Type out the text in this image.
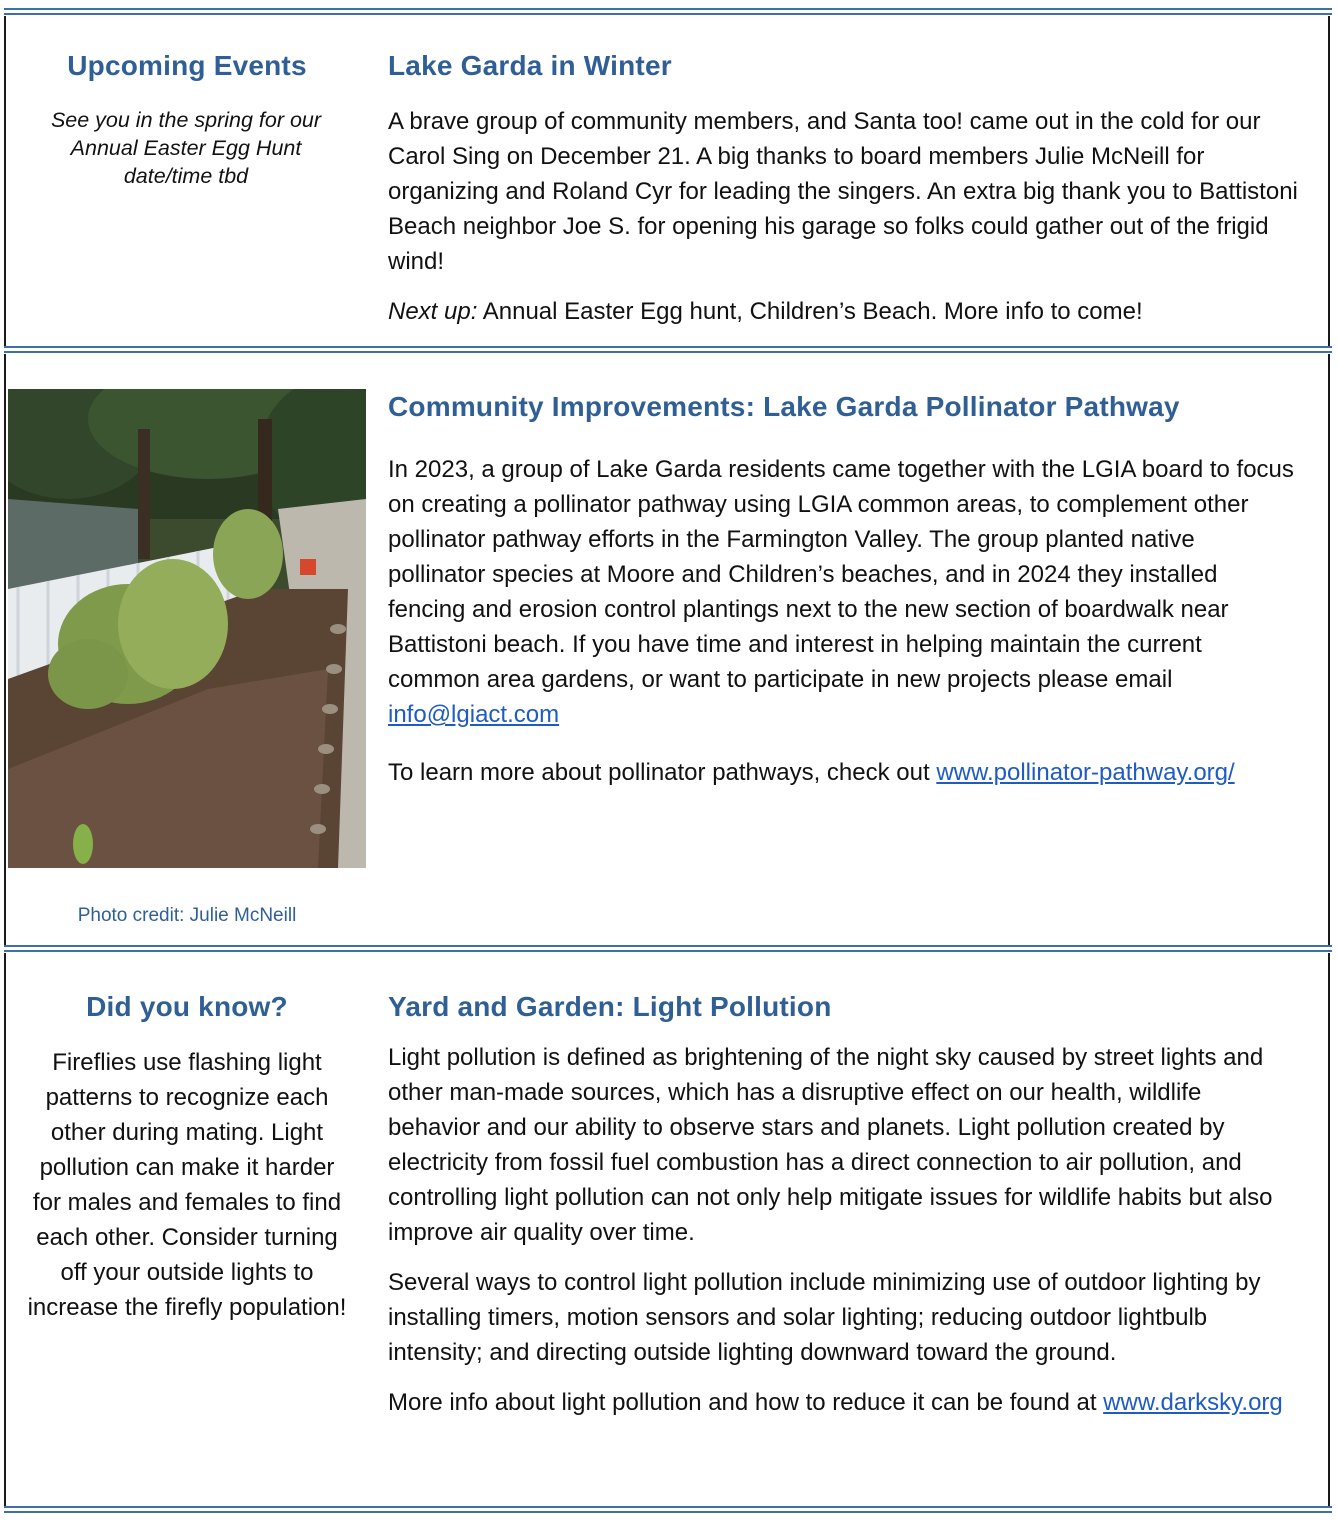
Upcoming Events
See you in the spring for our
Annual Easter Egg Hunt
date/time tbd
Lake Garda in Winter

A brave group of community members, and Santa too! came out in the cold for our Carol Sing on December 21. A big thanks to board members Julie McNeill for organizing and Roland Cyr for leading the singers. An extra big thank you to Battistoni Beach neighbor Joe S. for opening his garage so folks could gather out of the frigid wind!

Next up: Annual Easter Egg hunt, Children’s Beach. More info to come!

Photo credit: Julie McNeill
Community Improvements: Lake Garda Pollinator Pathway

In 2023, a group of Lake Garda residents came together with the LGIA board to focus on creating a pollinator pathway using LGIA common areas, to complement other pollinator pathway efforts in the Farmington Valley. The group planted native pollinator species at Moore and Children’s beaches, and in 2024 they installed fencing and erosion control plantings next to the new section of boardwalk near Battistoni beach. If you have time and interest in helping maintain the current common area gardens, or want to participate in new projects please email info@lgiact.com

To learn more about pollinator pathways, check out www.pollinator-pathway.org/

Did you know?
Fireflies use flashing light
patterns to recognize each
other during mating. Light
pollution can make it harder
for males and females to find
each other. Consider turning
off your outside lights to
increase the firefly population!
Yard and Garden: Light Pollution

Light pollution is defined as brightening of the night sky caused by street lights and other man-made sources, which has a disruptive effect on our health, wildlife behavior and our ability to observe stars and planets. Light pollution created by electricity from fossil fuel combustion has a direct connection to air pollution, and controlling light pollution can not only help mitigate issues for wildlife habits but also improve air quality over time.

Several ways to control light pollution include minimizing use of outdoor lighting by installing timers, motion sensors and solar lighting; reducing outdoor lightbulb intensity; and directing outside lighting downward toward the ground.

More info about light pollution and how to reduce it can be found at www.darksky.org
